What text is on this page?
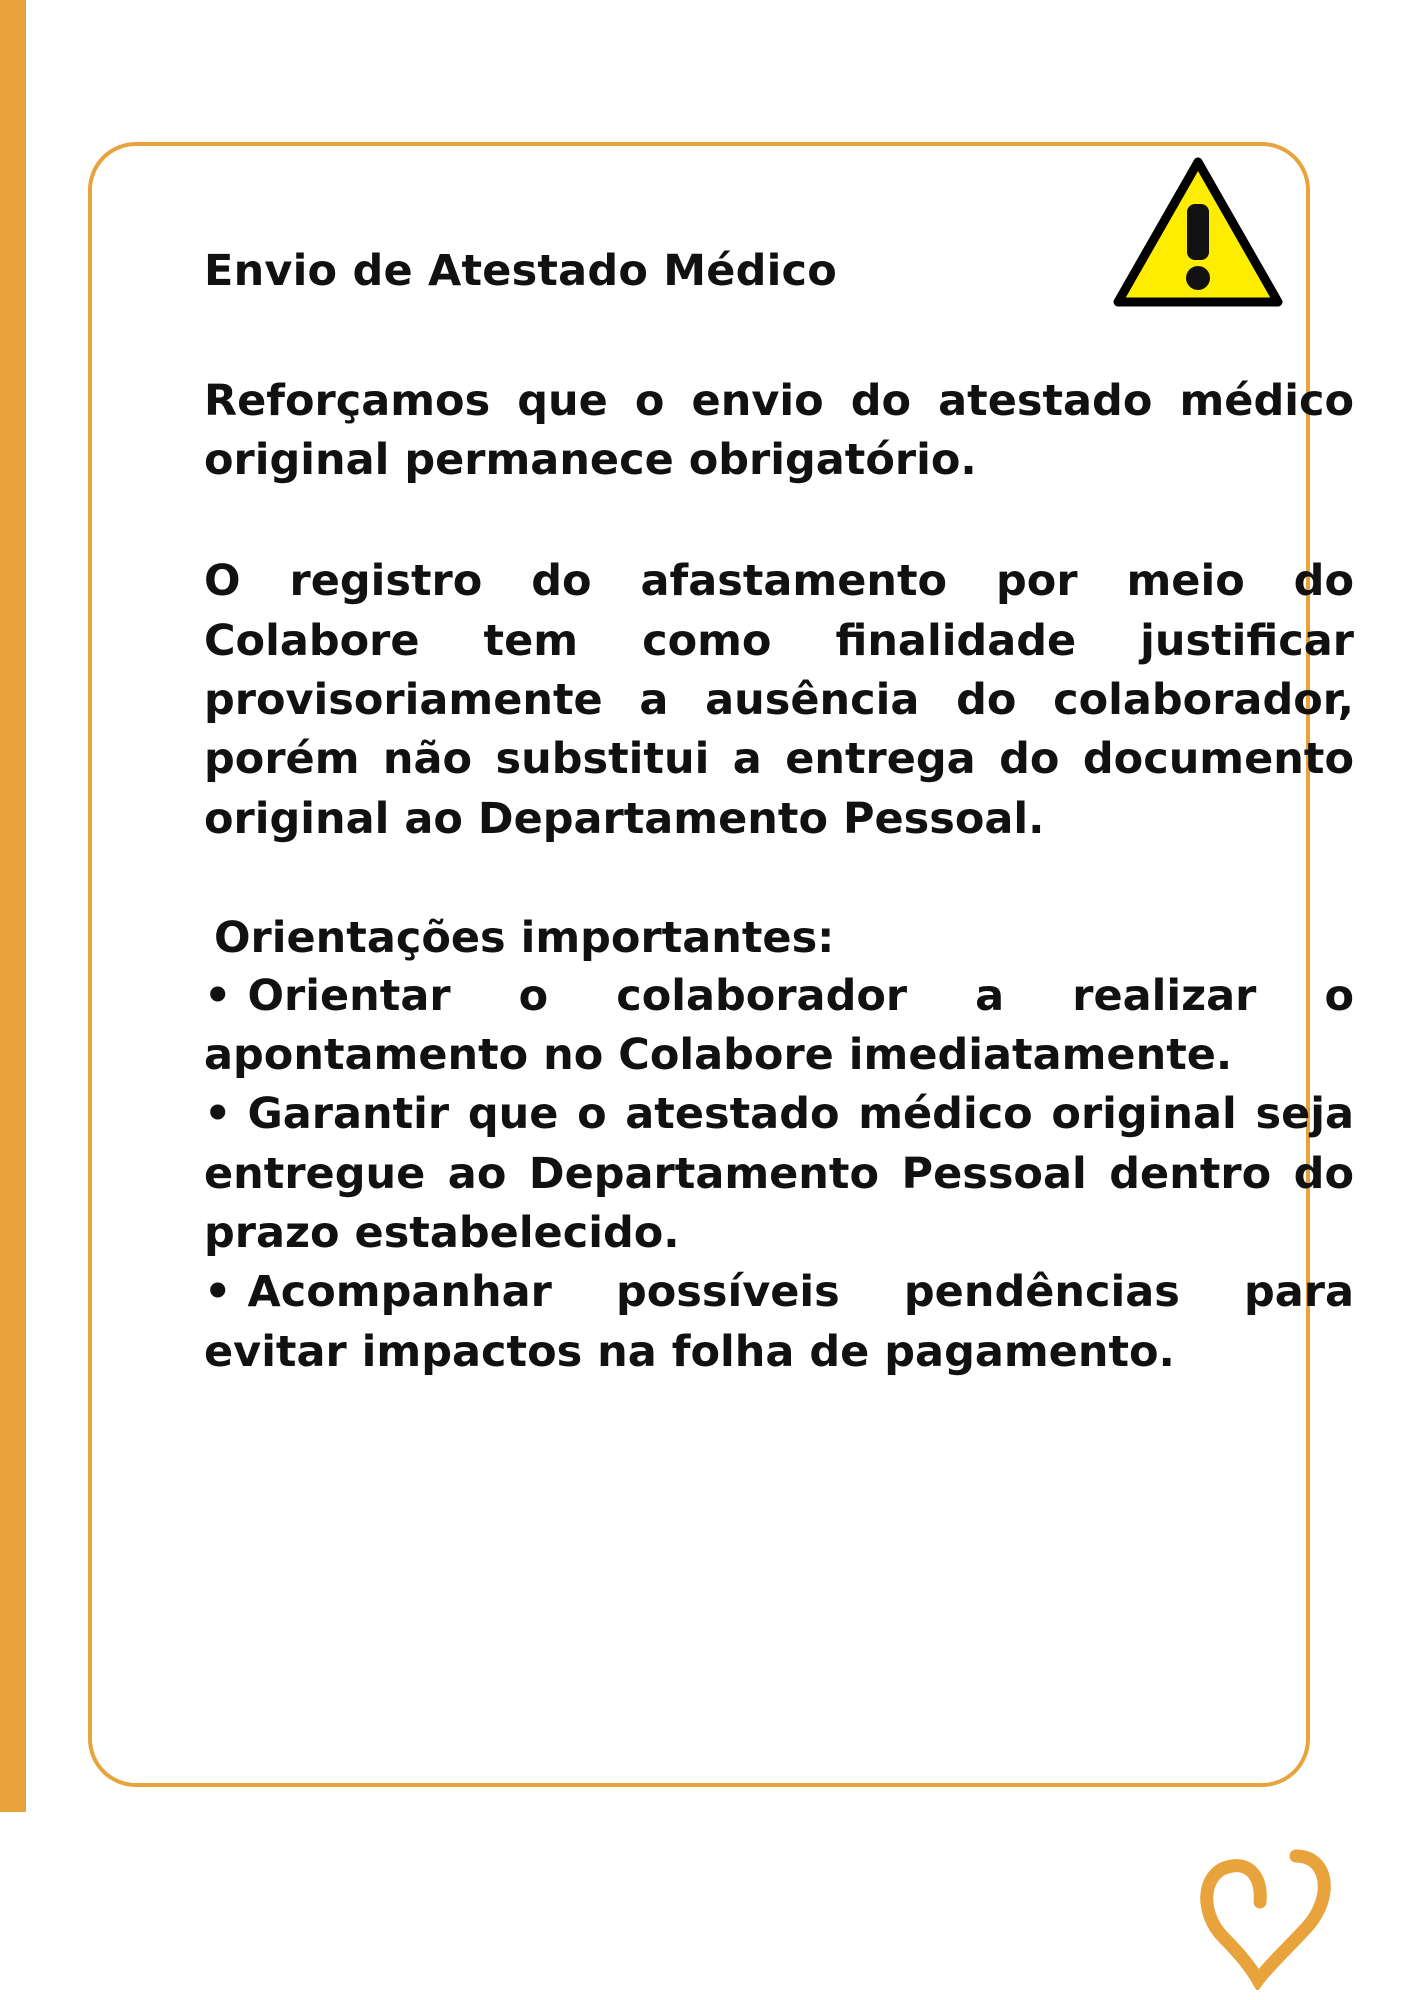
Envio de Atestado Médico

Reforçamos que o envio do atestado médico original permanece obrigatório.

O registro do afastamento por meio do Colabore tem como finalidade justificar provisoriamente a ausência do colaborador, porém não substitui a entrega do documento original ao Departamento Pessoal.

Orientações importantes:

• Orientar o colaborador a realizar o apontamento no Colabore imediatamente.
• Garantir que o atestado médico original seja entregue ao Departamento Pessoal dentro do prazo estabelecido.
• Acompanhar possíveis pendências para evitar impactos na folha de pagamento.
